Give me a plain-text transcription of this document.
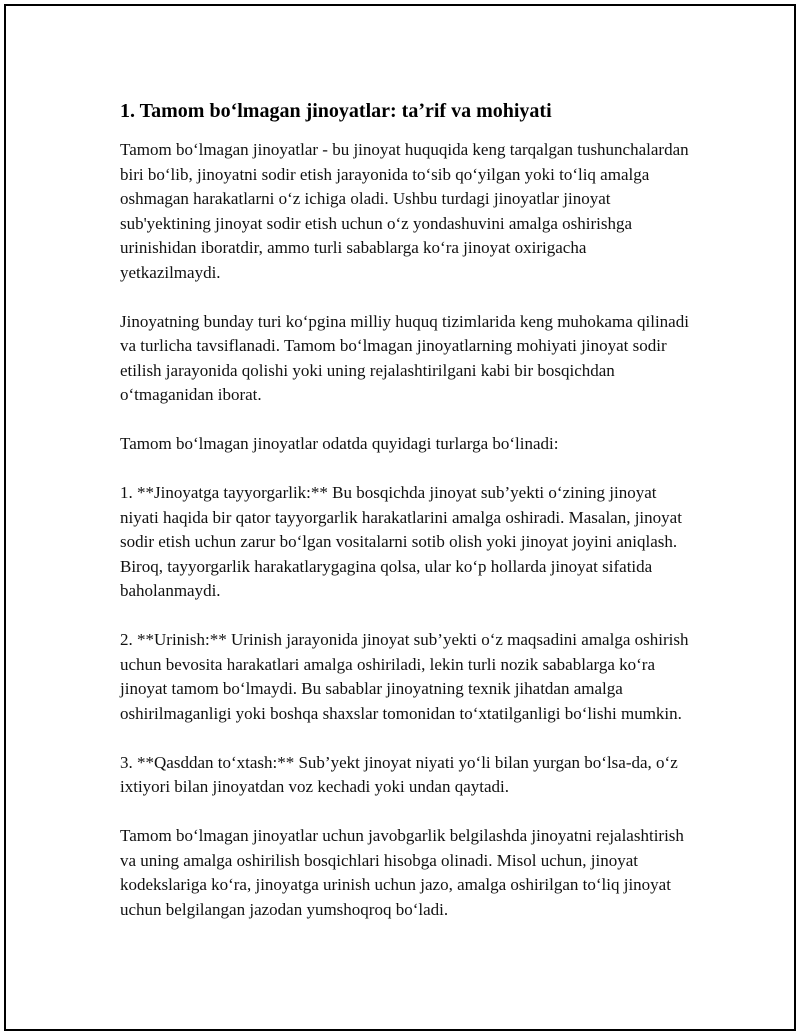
1. Tamom boʻlmagan jinoyatlar: taʼrif va mohiyati

Tamom boʻlmagan jinoyatlar - bu jinoyat huquqida keng tarqalgan tushunchalardan biri boʻlib, jinoyatni sodir etish jarayonida toʻsib qoʻyilgan yoki toʻliq amalga oshmagan harakatlarni oʻz ichiga oladi. Ushbu turdagi jinoyatlar jinoyat sub'yektining jinoyat sodir etish uchun oʻz yondashuvini amalga oshirishga urinishidan iboratdir, ammo turli sabablarga koʻra jinoyat oxirigacha yetkazilmaydi.

Jinoyatning bunday turi koʻpgina milliy huquq tizimlarida keng muhokama qilinadi va turlicha tavsiflanadi. Tamom boʻlmagan jinoyatlarning mohiyati jinoyat sodir etilish jarayonida qolishi yoki uning rejalashtirilgani kabi bir bosqichdan oʻtmaganidan iborat.

Tamom boʻlmagan jinoyatlar odatda quyidagi turlarga boʻlinadi:

1. **Jinoyatga tayyorgarlik:** Bu bosqichda jinoyat sub’yekti oʻzining jinoyat niyati haqida bir qator tayyorgarlik harakatlarini amalga oshiradi. Masalan, jinoyat sodir etish uchun zarur boʻlgan vositalarni sotib olish yoki jinoyat joyini aniqlash. Biroq, tayyorgarlik harakatlarygagina qolsa, ular koʻp hollarda jinoyat sifatida baholanmaydi.

2. **Urinish:** Urinish jarayonida jinoyat sub’yekti oʻz maqsadini amalga oshirish uchun bevosita harakatlari amalga oshiriladi, lekin turli nozik sabablarga koʻra jinoyat tamom boʻlmaydi. Bu sabablar jinoyatning texnik jihatdan amalga oshirilmaganligi yoki boshqa shaxslar tomonidan toʻxtatilganligi boʻlishi mumkin.

3. **Qasddan toʻxtash:** Sub’yekt jinoyat niyati yoʻli bilan yurgan boʻlsa-da, oʻz ixtiyori bilan jinoyatdan voz kechadi yoki undan qaytadi.

Tamom boʻlmagan jinoyatlar uchun javobgarlik belgilashda jinoyatni rejalashtirish va uning amalga oshirilish bosqichlari hisobga olinadi. Misol uchun, jinoyat kodekslariga koʻra, jinoyatga urinish uchun jazo, amalga oshirilgan toʻliq jinoyat uchun belgilangan jazodan yumshoqroq boʻladi.
